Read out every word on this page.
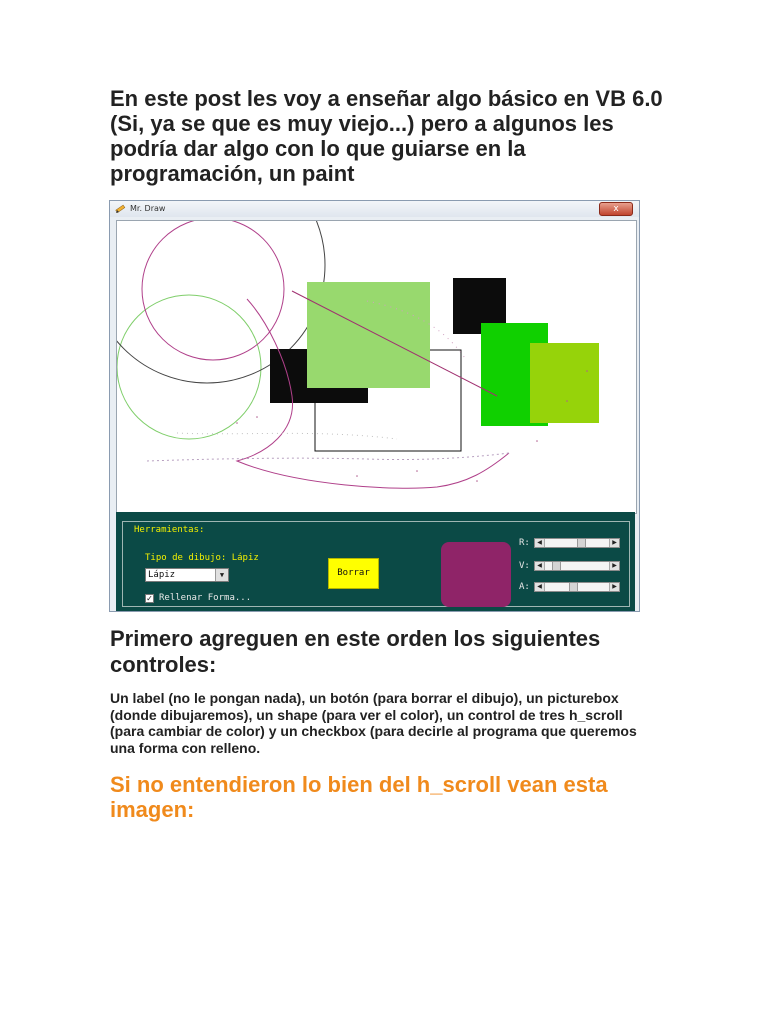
En este post les voy a enseñar algo básico en VB 6.0 (Si, ya se que es muy viejo...) pero a algunos les podría dar algo con lo que guiarse en la programación, un paint

Mr. Draw	x
Herramientas:
Tipo de dibujo: Lápiz
Lápiz	▼
✓ Rellenar Forma...
Borrar
R:	◀	▶
V:	◀	▶
A:	◀	▶

Primero agreguen en este orden los siguientes controles:

Un label (no le pongan nada), un botón (para borrar el dibujo), un picturebox (donde dibujaremos), un shape (para ver el color), un control de tres h_scroll (para cambiar de color) y un checkbox (para decirle al programa que queremos una forma con relleno.

Si no entendieron lo bien del h_scroll vean esta imagen:
